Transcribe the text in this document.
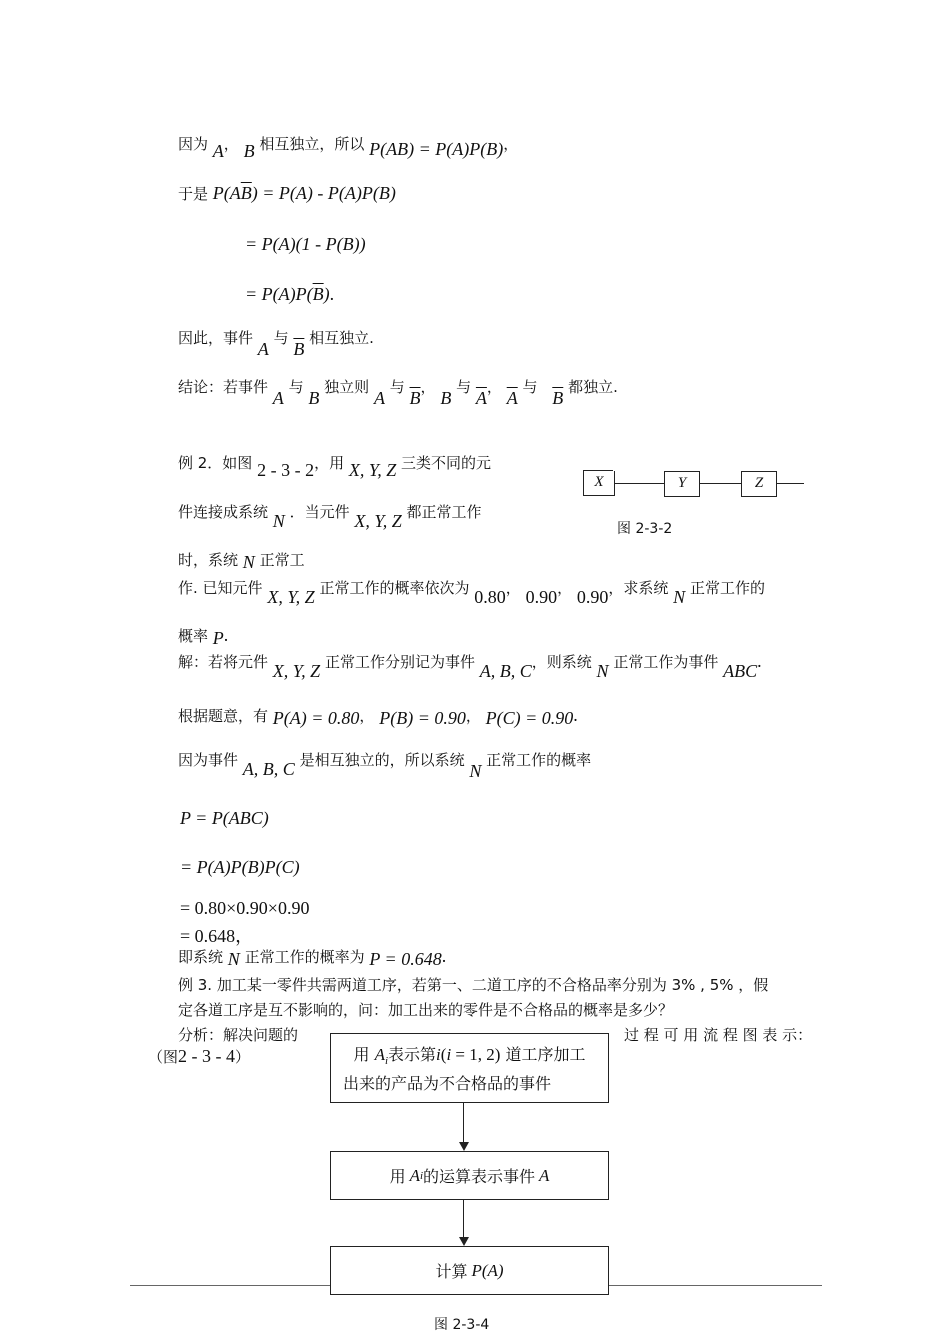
因为 A， B 相互独立，所以 P(AB) = P(A)P(B)，
于是 $P(A\overline{B}) = P(A) - P(A)P(B)$
= P(A)(1 - P(B))
= $P(A)P(\overline{B})$.
因此，事件 A 与 $\overline{B}$ 相互独立.
结论：若事件 A 与 B 独立则 A 与 $\overline{B}$， B 与 $\overline{A}$， $\overline{A}$ 与 $\overline{B}$ 都独立.
例 2．如图 2 - 3 - 2，用 X, Y, Z 三类不同的元
件连接成系统 N ．当元件 X, Y, Z 都正常工作
时，系统 N 正常工
作. 已知元件 X, Y, Z 正常工作的概率依次为 0.80， 0.90， 0.90，求系统 N 正常工作的
概率 P.
X	Y	Z
图 2-3-2
解：若将元件 X, Y, Z 正常工作分别记为事件 A, B, C，则系统 N 正常工作为事件 ABC.
根据题意，有 P(A) = 0.80， P(B) = 0.90， P(C) = 0.90.
因为事件 A, B, C 是相互独立的，所以系统 N 正常工作的概率
P = P(ABC)
= P(A)P(B)P(C)
= 0.80×0.90×0.90
= 0.648，
即系统 N 正常工作的概率为 P = 0.648.
例 3. 加工某一零件共需两道工序，若第一、二道工序的不合格品率分别为 3% , 5% ，假
定各道工序是互不影响的，问：加工出来的零件是不合格品的概率是多少？
分析：解决问题的	过 程 可 用 流 程 图 表 示：
（图2 - 3 - 4）	用 $A_i$表示第i(i = 1, 2) 道工序加工
出来的产品为不合格品的事件
用 A i 的运算表示事件 A
计算 P(A)
图 2-3-4
